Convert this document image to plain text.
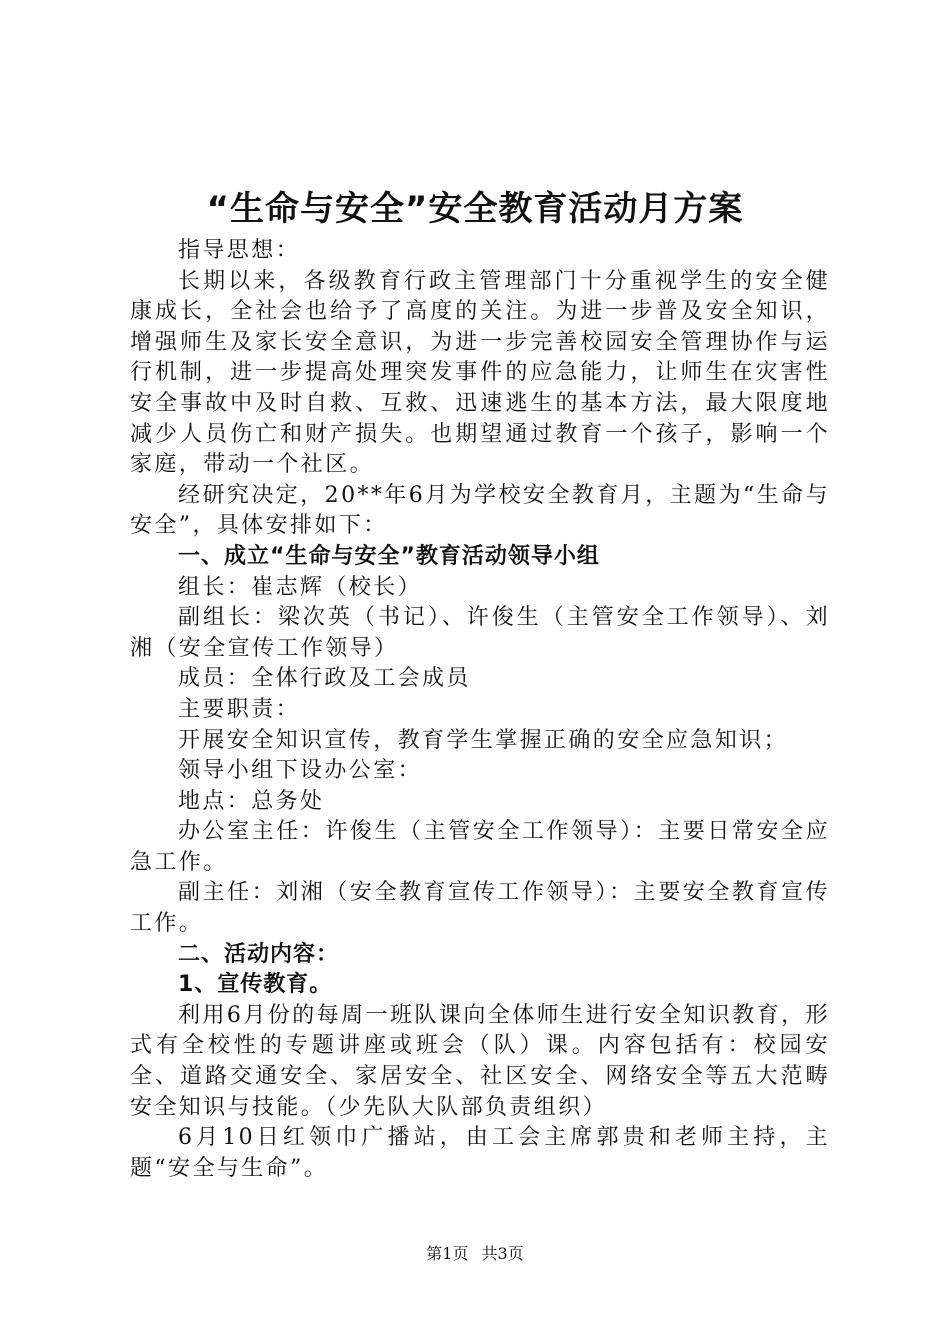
“生命与安全”安全教育活动月方案

指导思想：

长期以来，各级教育行政主管理部门十分重视学生的安全健康成长，全社会也给予了高度的关注。为进一步普及安全知识，增强师生及家长安全意识，为进一步完善校园安全管理协作与运行机制，进一步提高处理突发事件的应急能力，让师生在灾害性安全事故中及时自救、互救、迅速逃生的基本方法，最大限度地减少人员伤亡和财产损失。也期望通过教育一个孩子，影响一个家庭，带动一个社区。

经研究决定，20**年6月为学校安全教育月，主题为“生命与安全”，具体安排如下：

一、成立“生命与安全”教育活动领导小组

组长：崔志辉（校长）

副组长：梁次英（书记）、许俊生（主管安全工作领导）、刘湘（安全宣传工作领导）

成员：全体行政及工会成员

主要职责：

开展安全知识宣传，教育学生掌握正确的安全应急知识；

领导小组下设办公室：

地点：总务处

办公室主任：许俊生（主管安全工作领导）：主要日常安全应急工作。

副主任：刘湘（安全教育宣传工作领导）：主要安全教育宣传工作。

二、活动内容：

1、宣传教育。

利用6月份的每周一班队课向全体师生进行安全知识教育，形式有全校性的专题讲座或班会（队）课。内容包括有：校园安全、道路交通安全、家居安全、社区安全、网络安全等五大范畴安全知识与技能。（少先队大队部负责组织）

6月10日红领巾广播站，由工会主席郭贵和老师主持，主题“安全与生命”。

第1页 共3页
